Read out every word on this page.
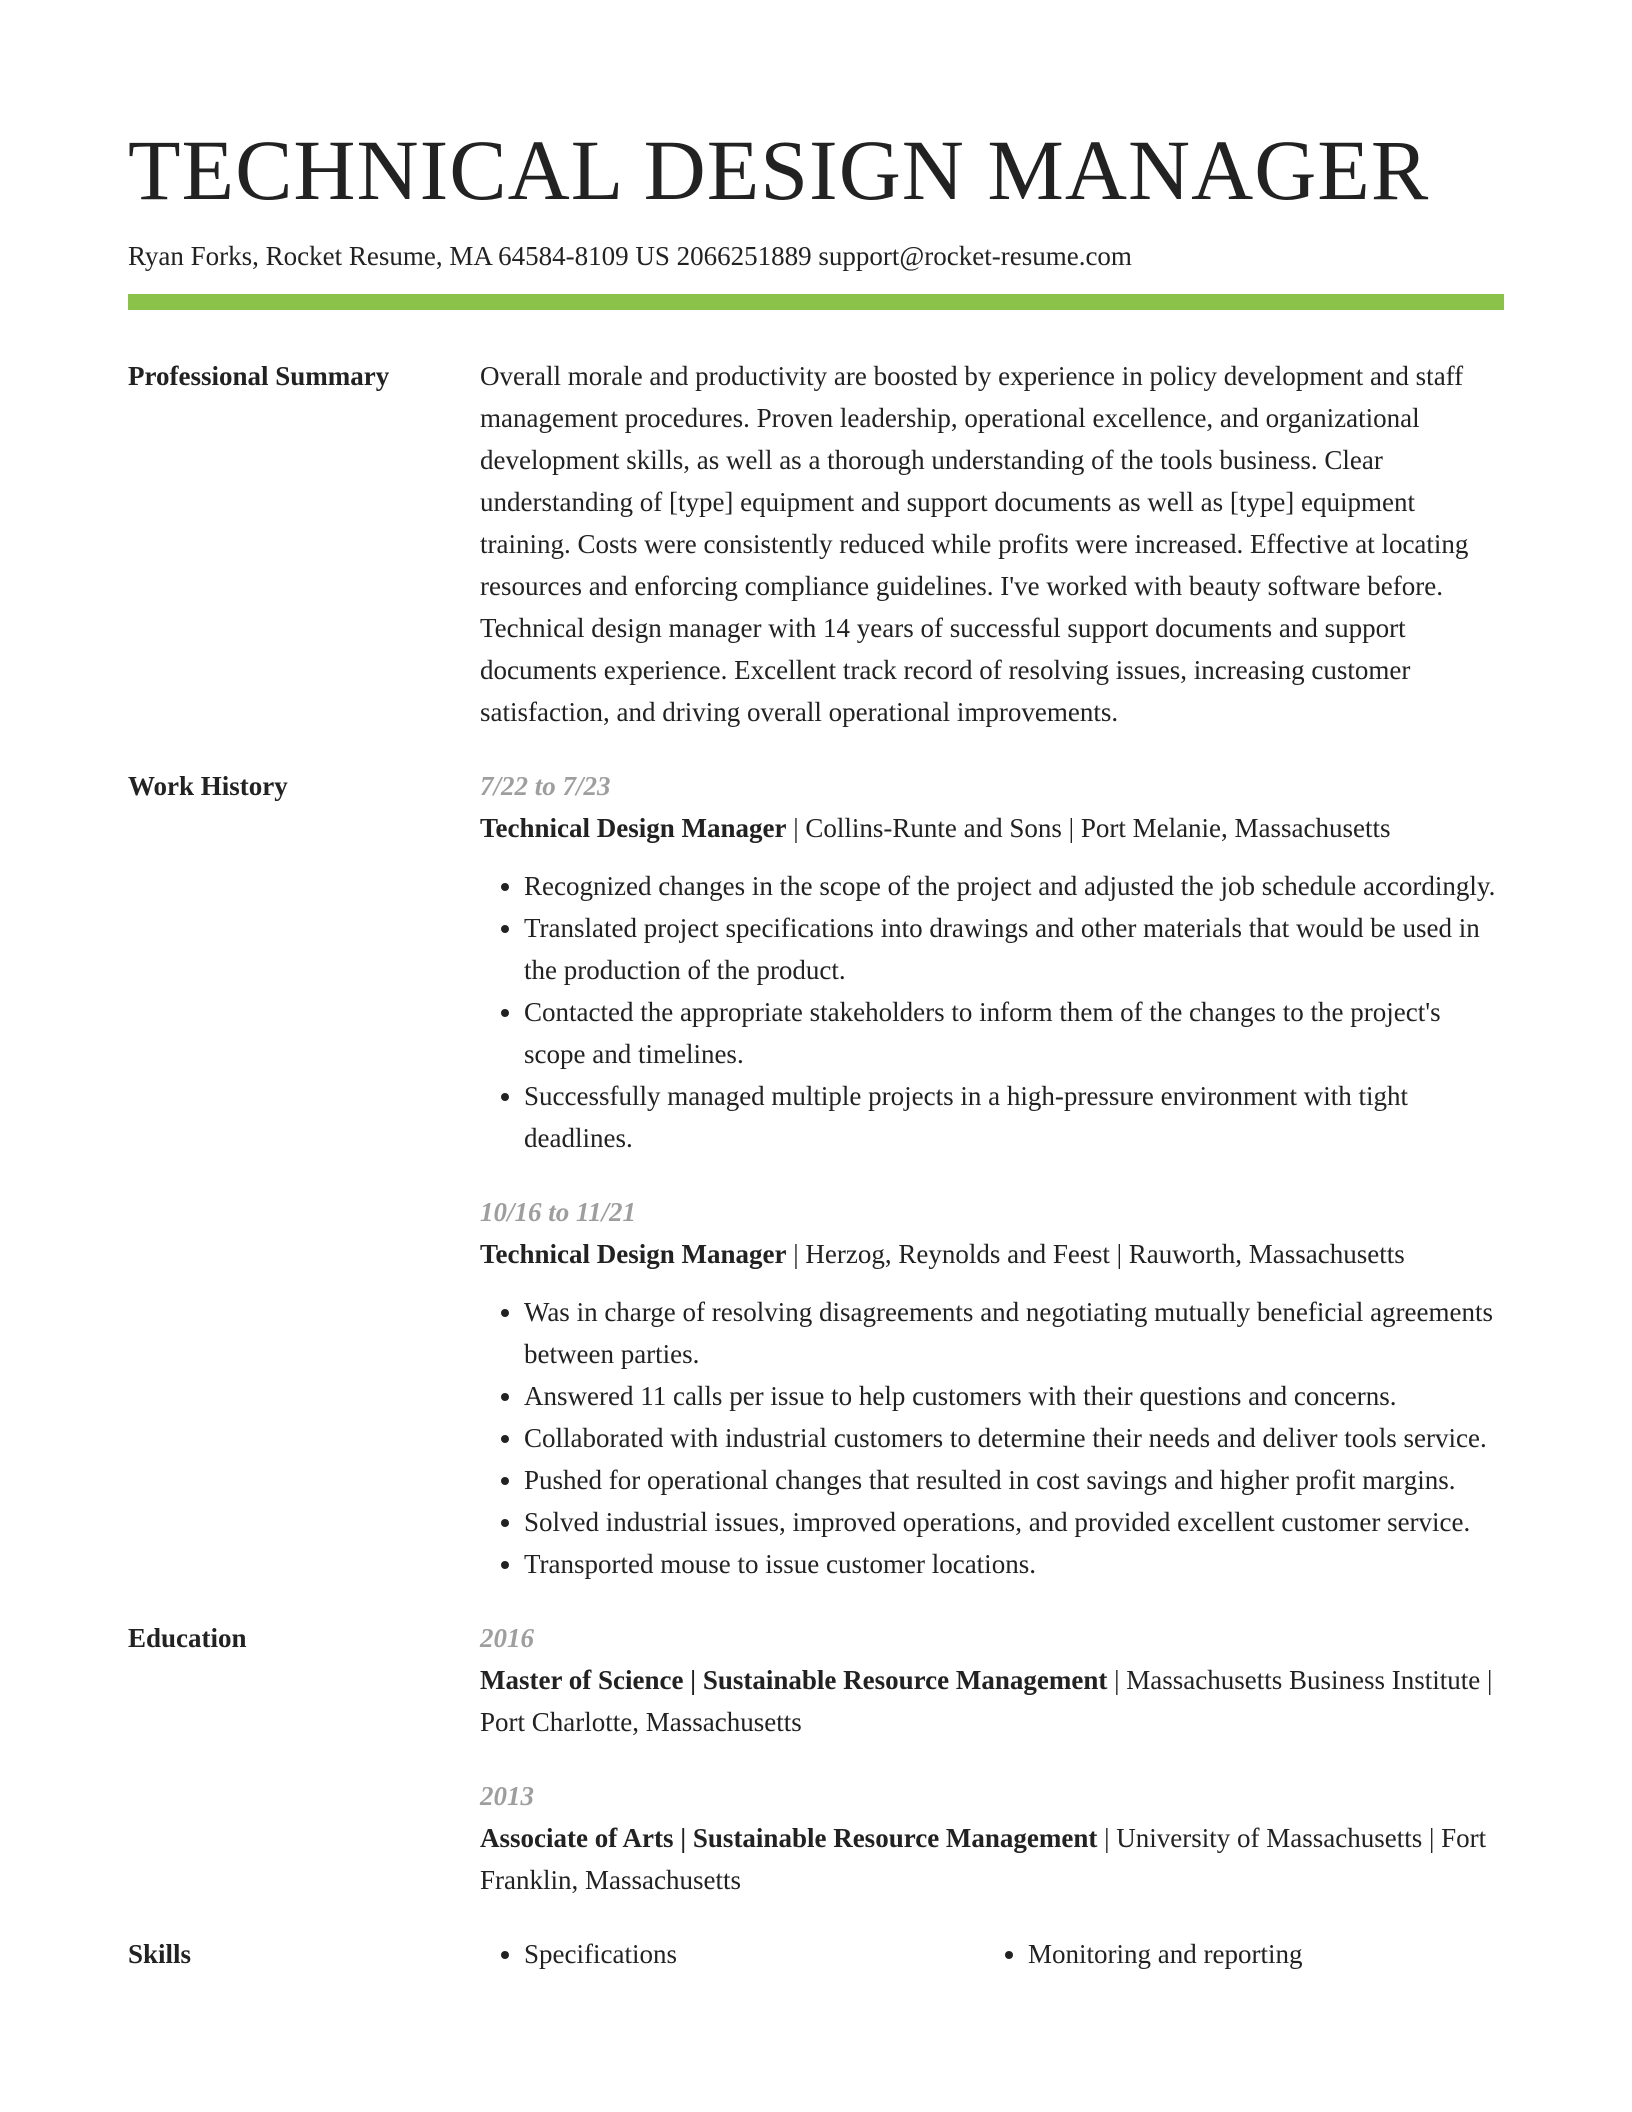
TECHNICAL DESIGN MANAGER
Ryan Forks, Rocket Resume, MA 64584-8109 US 2066251889 support@rocket-resume.com
Professional Summary	Overall morale and productivity are boosted by experience in policy development and staff management procedures. Proven leadership, operational excellence, and organizational development skills, as well as a thorough understanding of the tools business. Clear understanding of [type] equipment and support documents as well as [type] equipment training. Costs were consistently reduced while profits were increased. Effective at locating resources and enforcing compliance guidelines. I've worked with beauty software before. Technical design manager with 14 years of successful support documents and support documents experience. Excellent track record of resolving issues, increasing customer satisfaction, and driving overall operational improvements.
Work History	7/22 to 7/23

Technical Design Manager | Collins-Runte and Sons | Port Melanie, Massachusetts

• Recognized changes in the scope of the project and adjusted the job schedule accordingly.
• Translated project specifications into drawings and other materials that would be used in the production of the product.
• Contacted the appropriate stakeholders to inform them of the changes to the project's scope and timelines.
• Successfully managed multiple projects in a high-pressure environment with tight deadlines.
10/16 to 11/21

Technical Design Manager | Herzog, Reynolds and Feest | Rauworth, Massachusetts

• Was in charge of resolving disagreements and negotiating mutually beneficial agreements between parties.
• Answered 11 calls per issue to help customers with their questions and concerns.
• Collaborated with industrial customers to determine their needs and deliver tools service.
• Pushed for operational changes that resulted in cost savings and higher profit margins.
• Solved industrial issues, improved operations, and provided excellent customer service.
• Transported mouse to issue customer locations.
Education	2016

Master of Science | Sustainable Resource Management | Massachusetts Business Institute | Port Charlotte, Massachusetts

2013

Associate of Arts | Sustainable Resource Management | University of Massachusetts | Fort Franklin, Massachusetts

Skills	• Specifications	• Monitoring and reporting
